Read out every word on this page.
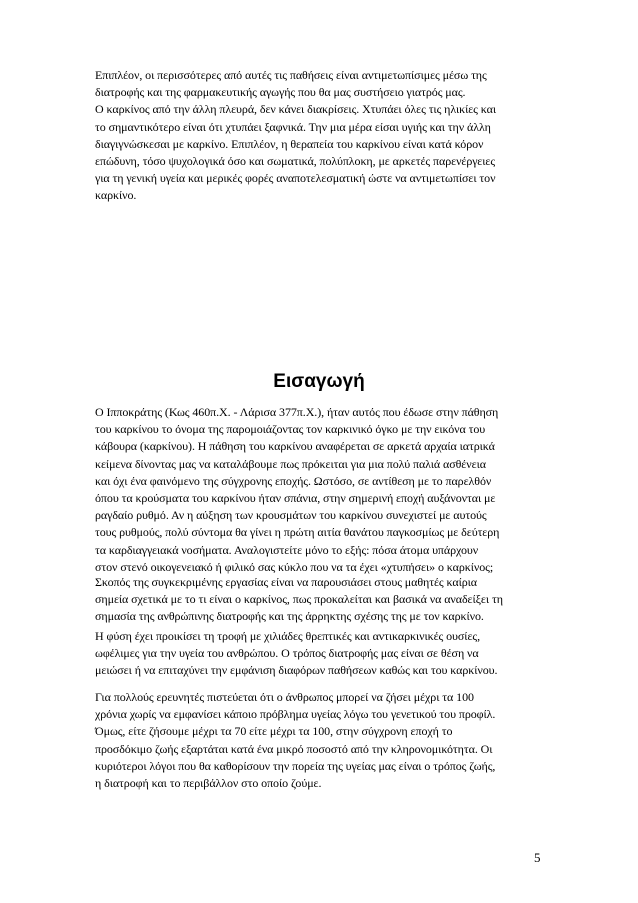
Επιπλέον, οι περισσότερες από αυτές τις παθήσεις είναι αντιμετωπίσιμες μέσω της
διατροφής και της φαρμακευτικής αγωγής που θα μας συστήσειο γιατρός μας.
Ο καρκίνος από την άλλη πλευρά, δεν κάνει διακρίσεις. Χτυπάει όλες τις ηλικίες και
το σημαντικότερο είναι ότι χτυπάει ξαφνικά. Την μια μέρα είσαι υγιής και την άλλη
διαγιγνώσκεσαι με καρκίνο. Επιπλέον, η θεραπεία του καρκίνου είναι κατά κόρον
επώδυνη, τόσο ψυχολογικά όσο και σωματικά, πολύπλοκη, με αρκετές παρενέργειες
για τη γενική υγεία και μερικές φορές αναποτελεσματική ώστε να αντιμετωπίσει τον
καρκίνο.

Εισαγωγή

Ο Ιπποκράτης (Κως 460π.Χ. - Λάρισα 377π.Χ.), ήταν αυτός που έδωσε στην πάθηση
του καρκίνου το όνομα της παρομοιάζοντας τον καρκινικό όγκο με την εικόνα του
κάβουρα (καρκίνου). Η πάθηση του καρκίνου αναφέρεται σε αρκετά αρχαία ιατρικά
κείμενα δίνοντας μας να καταλάβουμε πως πρόκειται για μια πολύ παλιά ασθένεια
και όχι ένα φαινόμενο της σύγχρονης εποχής. Ωστόσο, σε αντίθεση με το παρελθόν
όπου τα κρούσματα του καρκίνου ήταν σπάνια, στην σημερινή εποχή αυξάνονται με
ραγδαίο ρυθμό. Αν η αύξηση των κρουσμάτων του καρκίνου συνεχιστεί με αυτούς
τους ρυθμούς, πολύ σύντομα θα γίνει η πρώτη αιτία θανάτου παγκοσμίως με δεύτερη
τα καρδιαγγειακά νοσήματα. Αναλογιστείτε μόνο το εξής: πόσα άτομα υπάρχουν
στον στενό οικογενειακό ή φιλικό σας κύκλο που να τα έχει «χτυπήσει» ο καρκίνος;

Σκοπός της συγκεκριμένης εργασίας είναι να παρουσιάσει στους μαθητές καίρια
σημεία σχετικά με το τι είναι ο καρκίνος, πως προκαλείται και βασικά να αναδείξει τη
σημασία της ανθρώπινης διατροφής και της άρρηκτης σχέσης της με τον καρκίνο.

Η φύση έχει προικίσει τη τροφή με χιλιάδες θρεπτικές και αντικαρκινικές ουσίες,
ωφέλιμες για την υγεία του ανθρώπου. Ο τρόπος διατροφής μας είναι σε θέση να
μειώσει ή να επιταχύνει την εμφάνιση διαφόρων παθήσεων καθώς και του καρκίνου.

Για πολλούς ερευνητές πιστεύεται ότι ο άνθρωπος μπορεί να ζήσει μέχρι τα 100
χρόνια χωρίς να εμφανίσει κάποιο πρόβλημα υγείας λόγω του γενετικού του προφίλ.
Όμως, είτε ζήσουμε μέχρι τα 70 είτε μέχρι τα 100, στην σύγχρονη εποχή το
προσδόκιμο ζωής εξαρτάται κατά ένα μικρό ποσοστό από την κληρονομικότητα. Οι
κυριότεροι λόγοι που θα καθορίσουν την πορεία της υγείας μας είναι ο τρόπος ζωής,
η διατροφή και το περιβάλλον στο οποίο ζούμε.

5
